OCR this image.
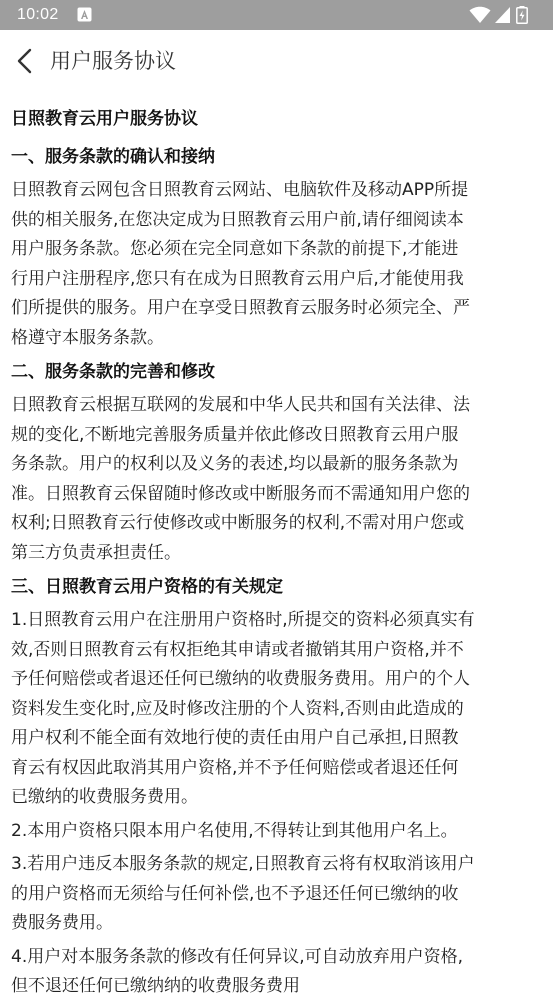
10:02
用户服务协议
日照教育云用户服务协议
一、服务条款的确认和接纳
日照教育云网包含日照教育云网站、电脑软件及移动APP所提
供的相关服务,在您决定成为日照教育云用户前,请仔细阅读本
用户服务条款。您必须在完全同意如下条款的前提下,才能进
行用户注册程序,您只有在成为日照教育云用户后,才能使用我
们所提供的服务。用户在享受日照教育云服务时必须完全、严
格遵守本服务条款。
二、服务条款的完善和修改
日照教育云根据互联网的发展和中华人民共和国有关法律、法
规的变化,不断地完善服务质量并依此修改日照教育云用户服
务条款。用户的权利以及义务的表述,均以最新的服务条款为
准。日照教育云保留随时修改或中断服务而不需通知用户您的
权利;日照教育云行使修改或中断服务的权利,不需对用户您或
第三方负责承担责任。
三、日照教育云用户资格的有关规定
1.日照教育云用户在注册用户资格时,所提交的资料必须真实有
效,否则日照教育云有权拒绝其申请或者撤销其用户资格,并不
予任何赔偿或者退还任何已缴纳的收费服务费用。用户的个人
资料发生变化时,应及时修改注册的个人资料,否则由此造成的
用户权利不能全面有效地行使的责任由用户自己承担,日照教
育云有权因此取消其用户资格,并不予任何赔偿或者退还任何
已缴纳的收费服务费用。
2.本用户资格只限本用户名使用,不得转让到其他用户名上。
3.若用户违反本服务条款的规定,日照教育云将有权取消该用户
的用户资格而无须给与任何补偿,也不予退还任何已缴纳的收
费服务费用。
4.用户对本服务条款的修改有任何异议,可自动放弃用户资格,
但不退还任何已缴纳纳的收费服务费用
